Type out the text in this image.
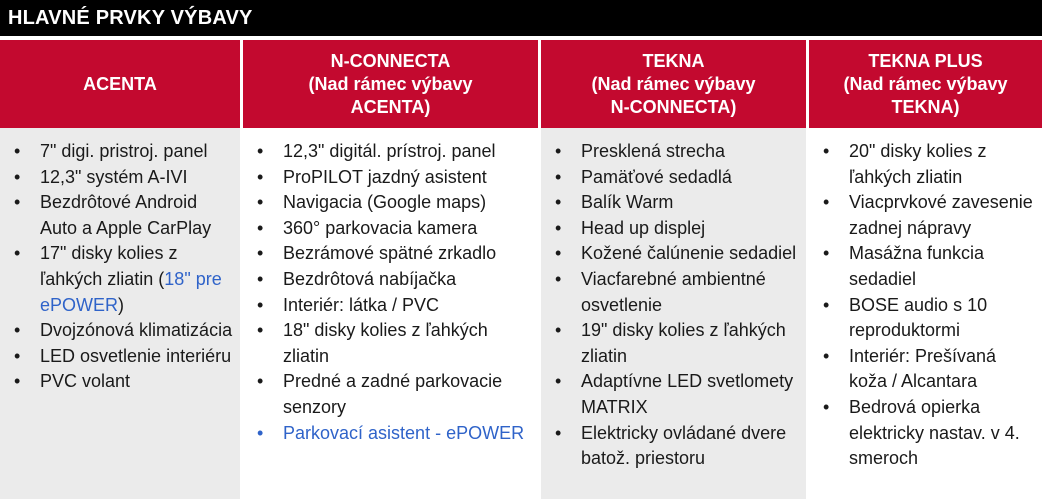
HLAVNÉ PRVKY VÝBAVY
ACENTA
N-CONNECTA
(Nad rámec výbavy
ACENTA)
TEKNA
(Nad rámec výbavy
N-CONNECTA)
TEKNA PLUS
(Nad rámec výbavy
TEKNA)
• 7" digi. pristroj. panel
• 12,3" systém A-IVI
• Bezdrôtové Android Auto a Apple CarPlay
• 17" disky kolies z ľahkých zliatin (18" pre ePOWER)
• Dvojzónová klimatizácia
• LED osvetlenie interiéru
• PVC volant
• 12,3" digitál. prístroj. panel
• ProPILOT jazdný asistent
• Navigacia (Google maps)
• 360° parkovacia kamera
• Bezrámové spätné zrkadlo
• Bezdrôtová nabíjačka
• Interiér: látka / PVC
• 18" disky kolies z ľahkých zliatin
• Predné a zadné parkovacie senzory
• Parkovací asistent - ePOWER
• Presklená strecha
• Pamäťové sedadlá
• Balík Warm
• Head up displej
• Kožené čalúnenie sedadiel
• Viacfarebné ambientné osvetlenie
• 19" disky kolies z ľahkých zliatin
• Adaptívne LED svetlomety MATRIX
• Elektricky ovládané dvere batož. priestoru
• 20" disky kolies z ľahkých zliatin
• Viacprvkové zavesenie zadnej nápravy
• Masážna funkcia sedadiel
• BOSE audio s 10 reproduktormi
• Interiér: Prešívaná koža / Alcantara
• Bedrová opierka elektricky nastav. v 4. smeroch
